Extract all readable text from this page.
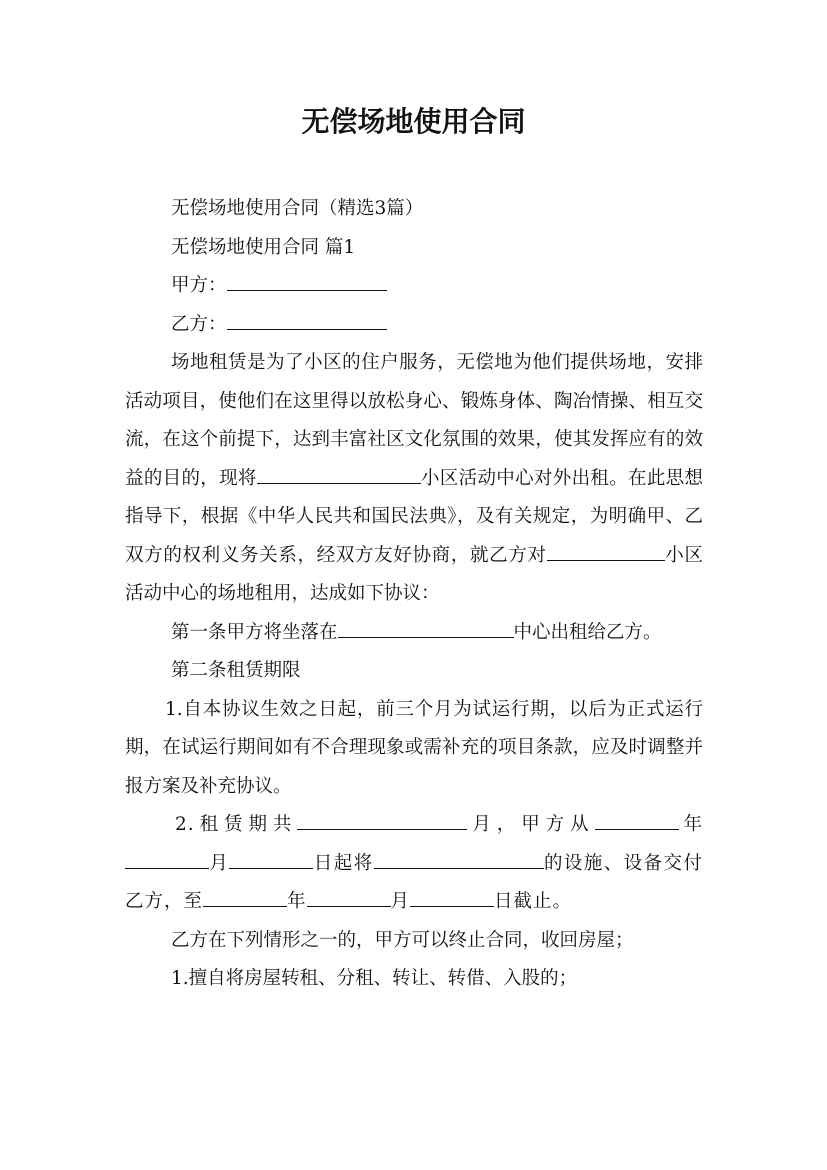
无偿场地使用合同

无偿场地使用合同（精选3篇）

无偿场地使用合同 篇1

甲方：

乙方：

场地租赁是为了小区的住户服务，无偿地为他们提供场地，安排活动项目，使他们在这里得以放松身心、锻炼身体、陶冶情操、相互交流，在这个前提下，达到丰富社区文化氛围的效果，使其发挥应有的效益的目的，现将	小区活动中心对外出租。在此思想指导下，根据《中华人民共和国民法典》，及有关规定，为明确甲、乙双方的权利义务关系，经双方友好协商，就乙方对	小区活动中心的场地租用，达成如下协议：

第一条甲方将坐落在	中心出租给乙方。

第二条租赁期限

1.自本协议生效之日起，前三个月为试运行期，以后为正式运行期，在试运行期间如有不合理现象或需补充的项目条款，应及时调整并报方案及补充协议。

2.租赁期共	月，甲方从	年月	日起将	的设施、设备交付乙方，至	年	月	日截止。

乙方在下列情形之一的，甲方可以终止合同，收回房屋；

1.擅自将房屋转租、分租、转让、转借、入股的；
